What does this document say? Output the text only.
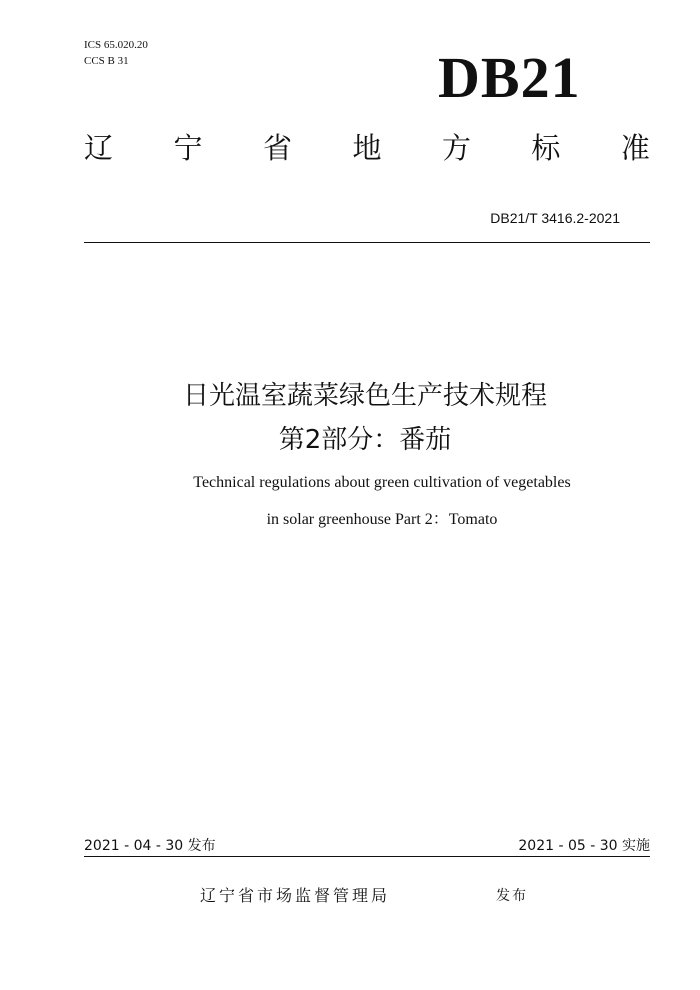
ICS 65.020.20
CCS B 31	DB21
辽 宁 省 地 方 标 准
DB21/T 3416.2-2021
日光温室蔬菜绿色生产技术规程
第2部分：番茄
Technical regulations about green cultivation of vegetables
in solar greenhouse Part 2：Tomato
2021 - 04 - 30 发布	2021 - 05 - 30 实施
辽宁省市场监督管理局	发布
